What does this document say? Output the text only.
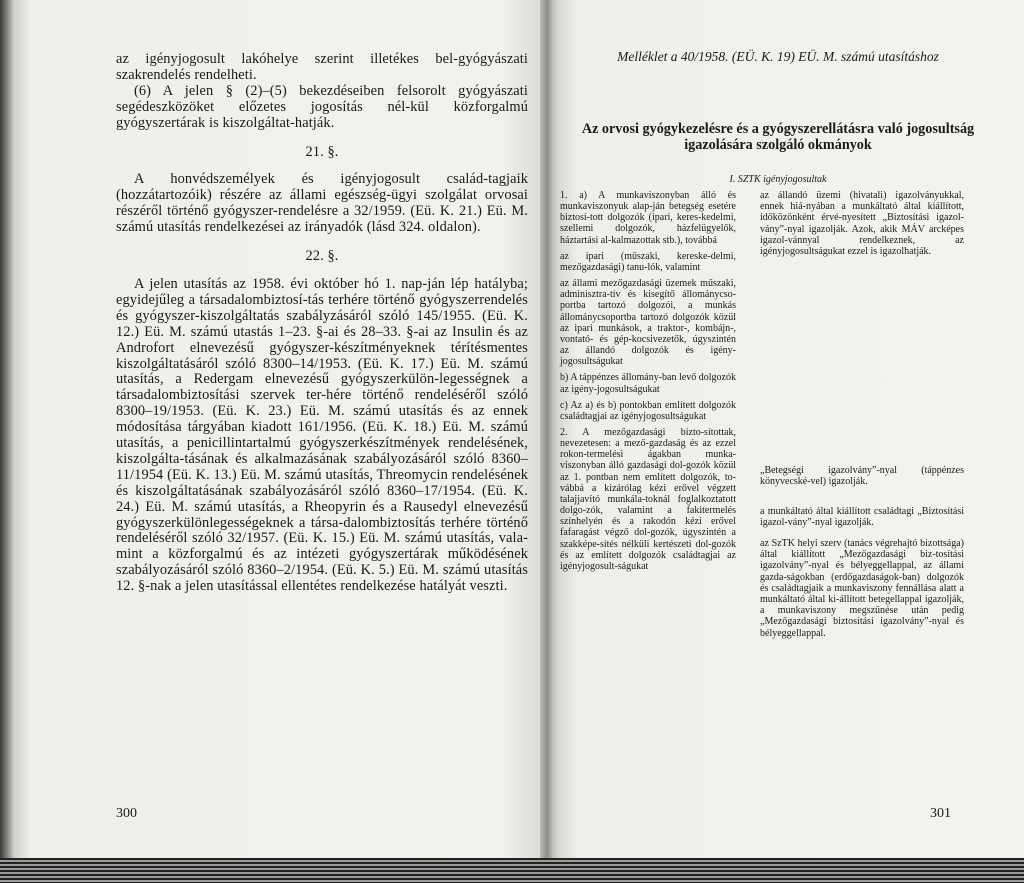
az igényjogosult lakóhelye szerint illetékes bel-gyógyászati szakrendelés rendelheti.

(6) A jelen § (2)–(5) bekezdéseiben felsorolt gyógyászati segédeszközöket előzetes jogosítás nél-kül közforgalmú gyógyszertárak is kiszolgáltat-hatják.

21. §.

A honvédszemélyek és igényjogosult család-tagjaik (hozzátartozóik) részére az állami egészség-ügyi szolgálat orvosai részéről történő gyógyszer-rendelésre a 32/1959. (Eü. K. 21.) Eü. M. számú utasítás rendelkezései az irányadók (lásd 324. oldalon).

22. §.

A jelen utasítás az 1958. évi október hó 1. nap-ján lép hatályba; egyidejűleg a társadalombiztosí-tás terhére történő gyógyszerrendelés és gyógyszer-kiszolgáltatás szabályzásáról szóló 145/1955. (Eü. K. 12.) Eü. M. számú utastás 1–23. §-ai és 28–33. §-ai az Insulin és az Androfort elnevezésű gyógyszer-készítményeknek térítésmentes kiszolgáltatásáról szóló 8300–14/1953. (Eü. K. 17.) Eü. M. számú utasítás, a Redergam elnevezésű gyógyszerkülön-legességnek a társadalombiztosítási szervek ter-hére történő rendeléséről szóló 8300–19/1953. (Eü. K. 23.) Eü. M. számú utasítás és az ennek módosítása tárgyában kiadott 161/1956. (Eü. K. 18.) Eü. M. számú utasítás, a penicillintartalmú gyógyszerkészítmények rendelésének, kiszolgálta-tásának és alkalmazásának szabályozásáról szóló 8360–11/1954 (Eü. K. 13.) Eü. M. számú utasítás, Threomycin rendelésének és kiszolgáltatásának szabályozásáról szóló 8360–17/1954. (Eü. K. 24.) Eü. M. számú utasítás, a Rheopyrin és a Rausedyl elnevezésű gyógyszerkülönlegességeknek a társa-dalombiztosítás terhére történő rendeléséről szóló 32/1957. (Eü. K. 15.) Eü. M. számú utasítás, vala-mint a közforgalmú és az intézeti gyógyszertárak működésének szabályozásáról szóló 8360–2/1954. (Eü. K. 5.) Eü. M. számú utasítás 12. §-nak a jelen utasítással ellentétes rendelkezése hatályát veszti.

300
Melléklet a 40/1958. (EÜ. K. 19) EÜ. M. számú utasításhoz
Az orvosi gyógykezelésre és a gyógyszerellátásra való jogosultság igazolására szolgáló okmányok
I. SZTK igényjogosultak

1. a) A munkaviszonyban álló és munkaviszonyuk alap-ján betegség esetére biztosí-tott dolgozók (ipari, keres-kedelmi, szellemi dolgozók, házfelügyelők, háztartási al-kalmazottak stb.), továbbá

az ipari (műszaki, kereske-delmi, mezőgazdasági) tanu-lók, valamint

az állami mezőgazdasági üzemek műszaki, adminisztra-tív és kisegítő állománycso-portba tartozó dolgozói, a munkás állománycsoportba tartozó dolgozók közül az ipari munkások, a traktor-, kombájn-, vontató- és gép-kocsivezetők, úgyszintén az állandó dolgozók és igény-jogosultságukat

b) A táppénzes állomány-ban levő dolgozók az igény-jogosultságukat

c) Az a) és b) pontokban említett dolgozók családtagjai az igényjogosultságukat

2. A mezőgazdasági bizto-sítottak, nevezetesen: a mező-gazdaság és az ezzel rokon-termelési ágakban munka-viszonyban álló gazdasági dol-gozók közül az 1. pontban nem említett dolgozók, to-vábbá a kizárólag kézi erővel végzett talajjavító munkála-toknál foglalkoztatott dolgo-zók, valamint a fakitermelés színhelyén és a rakodón kézi erővel fafaragást végző dol-gozók, úgyszintén a szakképe-sítés nélküli kertészeti dol-gozók és az említett dolgozók családtagjai az igényjogosult-ságukat

az állandó üzemi (hivatali) igazolványukkal, ennek hiá-nyában a munkáltató által kiállított, időközönként érvé-nyesített „Biztosítási igazol-vány”-nyal igazolják. Azok, akik MÁV arcképes igazol-vánnyal rendelkeznek, az igényjogosultságukat ezzel is igazolhatják.

„Betegségi igazolvány”-nyal (táppénzes könyvecské-vel) igazolják.

a munkáltató által kiállított családtagi „Biztosítási igazol-vány”-nyal igazolják.

az SzTK helyi szerv (tanács végrehajtó bizottsága) által kiállított „Mezőgazdasági biz-tosítási igazolvány”-nyal és bélyeggellappal, az állami gazda-ságokban (erdőgazdaságok-ban) dolgozók és családtagjaik a munkaviszony fennállása alatt a munkáltató által ki-állított betegellappal igazolják, a munkaviszony megszűnése után pedig „Mezőgazdasági biztosítási igazolvány”-nyal és bélyeggellappal.

301
